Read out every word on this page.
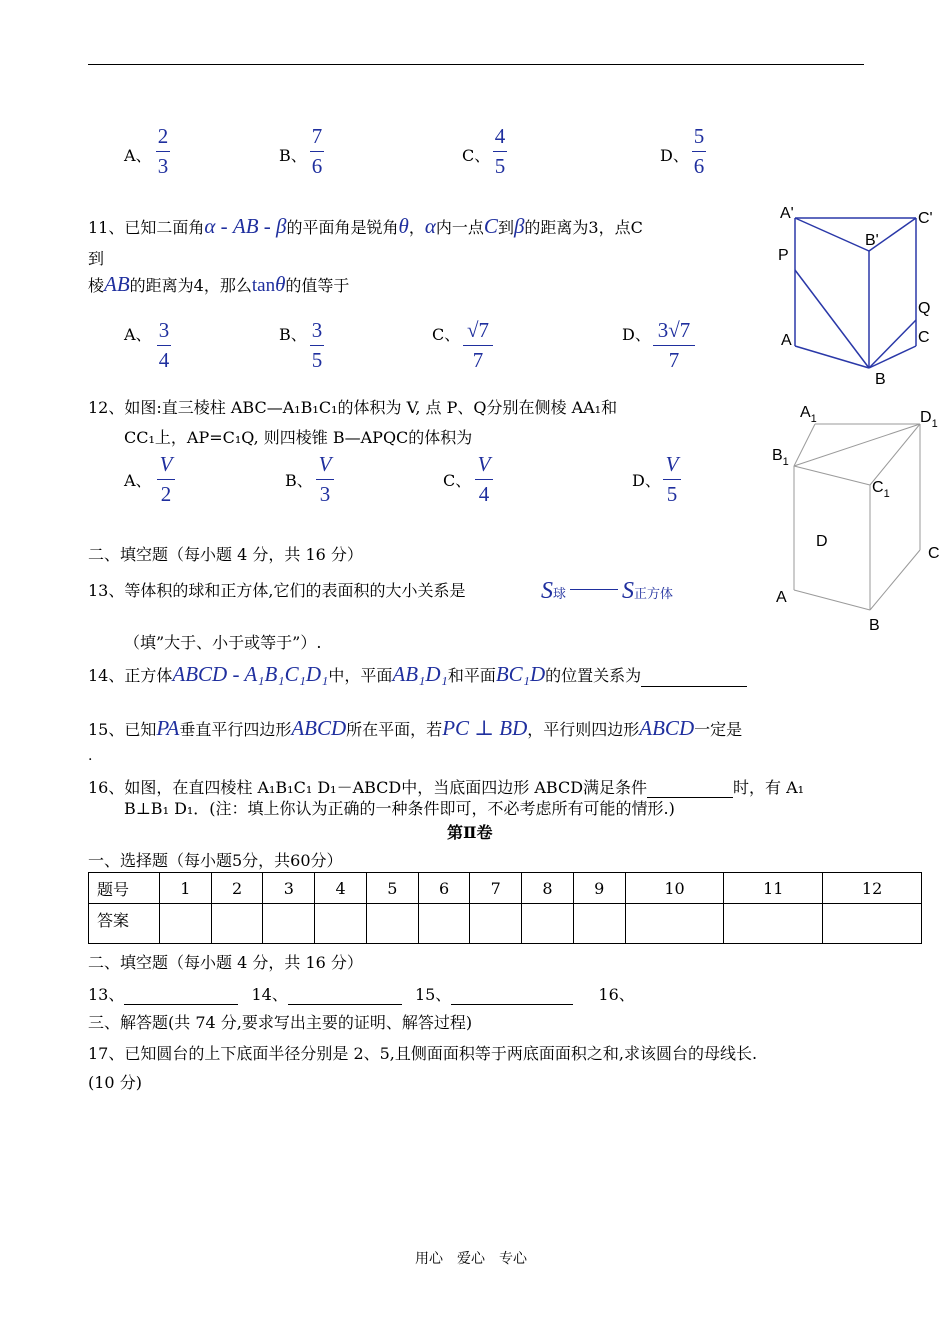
A、
2
3	B、
7
6	C、
4
5	D、
5
6
11、已知二面角α - AB - β的平面角是锐角θ，α内一点C到β的距离为3，点C
到
棱AB的距离为4，那么tanθ的值等于
A、 3
4
B、 3
5
C、 √7
7
D、 3√7
7
12、如图:直三棱柱 ABC—A₁B₁C₁的体积为 V, 点 P、Q分别在侧棱 AA₁和
CC₁上，AP=C₁Q, 则四棱锥 B—APQC的体积为
A、
V
2
B、
V
3
C、
V
4
D、
V
5
二、填空题（每小题 4 分，共 16 分）
13、等体积的球和正方体,它们的表面积的大小关系是	S球 S正方体
（填”大于、小于或等于”）.
14、正方体ABCD - A₁B₁C₁D₁中，平面AB₁D₁和平面BC₁D的位置关系为
15、已知PA垂直平行四边形ABCD所在平面，若PC ⊥ BD，平行则四边形ABCD一定是
.
16、如图，在直四棱柱 A₁B₁C₁ D₁－ABCD中，当底面四边形 ABCD满足条件	时，有 A₁
B⊥B₁ D₁．(注：填上你认为正确的一种条件即可，不必考虑所有可能的情形.)
第Ⅱ卷
一、选择题（每小题5分，共60分）
题号	1	2	3	4	5	6	7	8	9	10	11	12
答案												
二、填空题（每小题 4 分，共 16 分）
13、	14、	15、	16、
三、解答题(共 74 分,要求写出主要的证明、解答过程)
17、已知圆台的上下底面半径分别是 2、5,且侧面面积等于两底面面积之和,求该圆台的母线长.
(10 分)
A'	C'
B'
P
Q
A	C
B
$A_1$	$D_1$
$B_1$
$C_1$
D
C
A
B
用心　爱心　专心
